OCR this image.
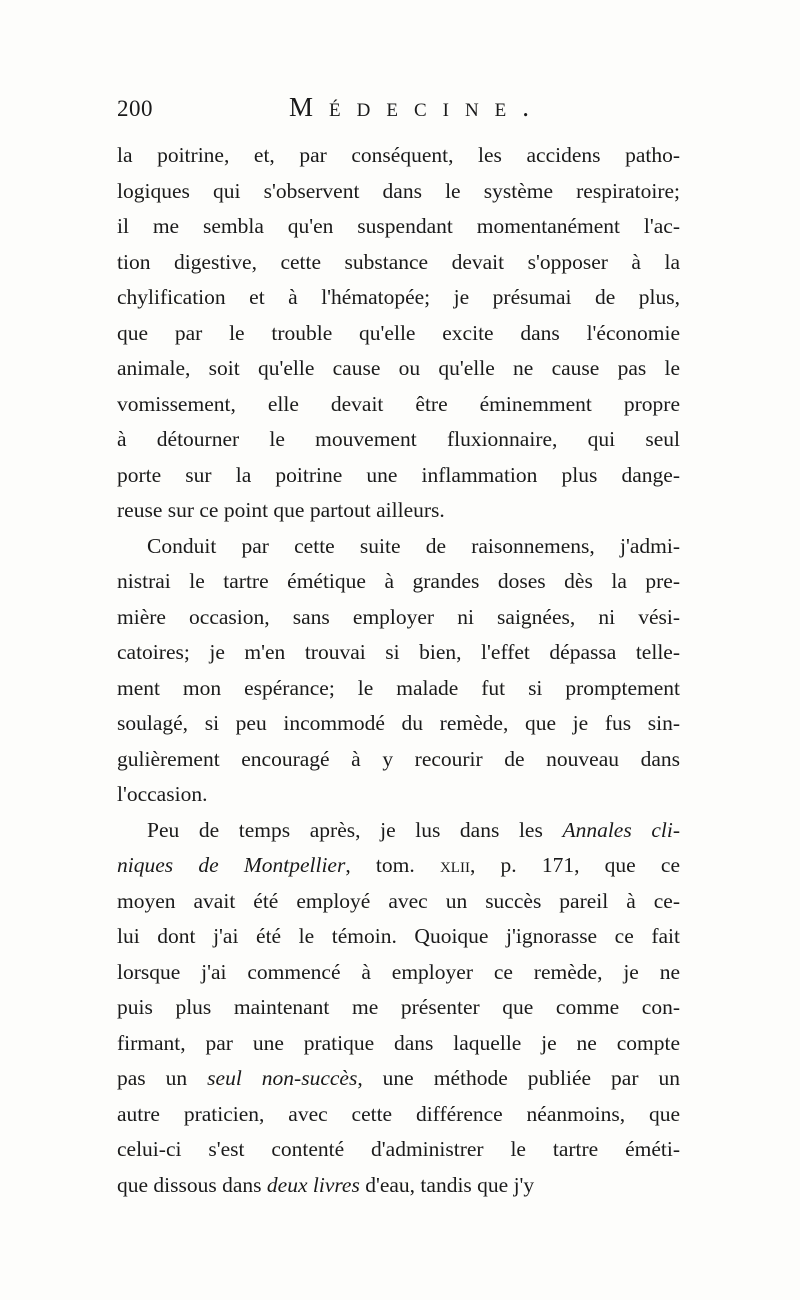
200	Médecine.
la poitrine, et, par conséquent, les accidens patho-
logiques qui s'observent dans le système respiratoire;
il me sembla qu'en suspendant momentanément l'ac-
tion digestive, cette substance devait s'opposer à la
chylification et à l'hématopée; je présumai de plus,
que par le trouble qu'elle excite dans l'économie
animale, soit qu'elle cause ou qu'elle ne cause pas le
vomissement, elle devait être éminemment propre
à détourner le mouvement fluxionnaire, qui seul
porte sur la poitrine une inflammation plus dange-
reuse sur ce point que partout ailleurs.
Conduit par cette suite de raisonnemens, j'admi-
nistrai le tartre émétique à grandes doses dès la pre-
mière occasion, sans employer ni saignées, ni vési-
catoires; je m'en trouvai si bien, l'effet dépassa telle-
ment mon espérance; le malade fut si promptement
soulagé, si peu incommodé du remède, que je fus sin-
gulièrement encouragé à y recourir de nouveau dans
l'occasion.
Peu de temps après, je lus dans les Annales cli-
niques de Montpellier, tom. xlii, p. 171, que ce
moyen avait été employé avec un succès pareil à ce-
lui dont j'ai été le témoin. Quoique j'ignorasse ce fait
lorsque j'ai commencé à employer ce remède, je ne
puis plus maintenant me présenter que comme con-
firmant, par une pratique dans laquelle je ne compte
pas un seul non-succès, une méthode publiée par un
autre praticien, avec cette différence néanmoins, que
celui-ci s'est contenté d'administrer le tartre éméti-
que dissous dans deux livres d'eau, tandis que j'y
